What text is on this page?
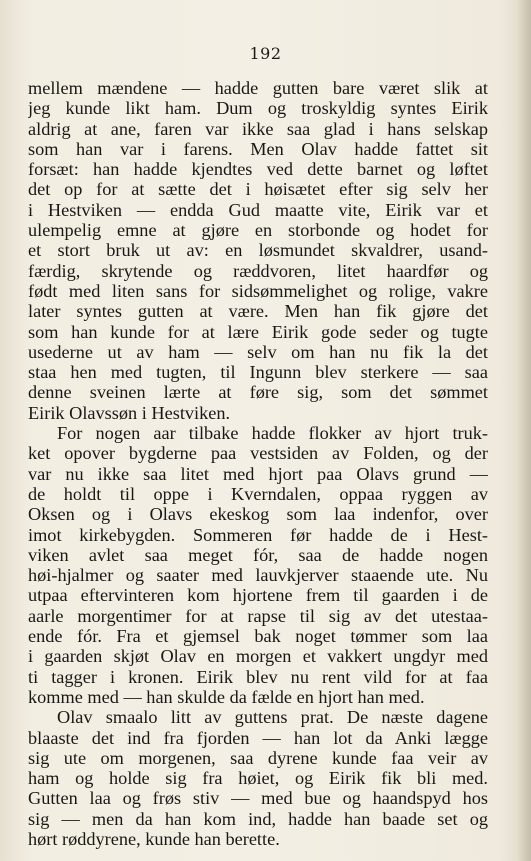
192
mellem mændene — hadde gutten bare været slik at
jeg kunde likt ham. Dum og troskyldig syntes Eirik
aldrig at ane, faren var ikke saa glad i hans selskap
som han var i farens. Men Olav hadde fattet sit
forsæt: han hadde kjendtes ved dette barnet og løftet
det op for at sætte det i høisætet efter sig selv her
i Hestviken — endda Gud maatte vite, Eirik var et
ulempelig emne at gjøre en storbonde og hodet for
et stort bruk ut av: en løsmundet skvaldrer, usand-
færdig, skrytende og ræddvoren, litet haardfør og
født med liten sans for sidsømmelighet og rolige, vakre
later syntes gutten at være. Men han fik gjøre det
som han kunde for at lære Eirik gode seder og tugte
usederne ut av ham — selv om han nu fik la det
staa hen med tugten, til Ingunn blev sterkere — saa
denne sveinen lærte at føre sig, som det sømmet
Eirik Olavssøn i Hestviken.
For nogen aar tilbake hadde flokker av hjort truk-
ket opover bygderne paa vestsiden av Folden, og der
var nu ikke saa litet med hjort paa Olavs grund —
de holdt til oppe i Kverndalen, oppaa ryggen av
Oksen og i Olavs ekeskog som laa indenfor, over
imot kirkebygden. Sommeren før hadde de i Hest-
viken avlet saa meget fór, saa de hadde nogen
høi-hjalmer og saater med lauvkjerver staaende ute. Nu
utpaa eftervinteren kom hjortene frem til gaarden i de
aarle morgentimer for at rapse til sig av det utestaa-
ende fór. Fra et gjemsel bak noget tømmer som laa
i gaarden skjøt Olav en morgen et vakkert ungdyr med
ti tagger i kronen. Eirik blev nu rent vild for at faa
komme med — han skulde da fælde en hjort han med.
Olav smaalo litt av guttens prat. De næste dagene
blaaste det ind fra fjorden — han lot da Anki lægge
sig ute om morgenen, saa dyrene kunde faa veir av
ham og holde sig fra høiet, og Eirik fik bli med.
Gutten laa og frøs stiv — med bue og haandspyd hos
sig — men da han kom ind, hadde han baade set og
hørt røddyrene, kunde han berette.
